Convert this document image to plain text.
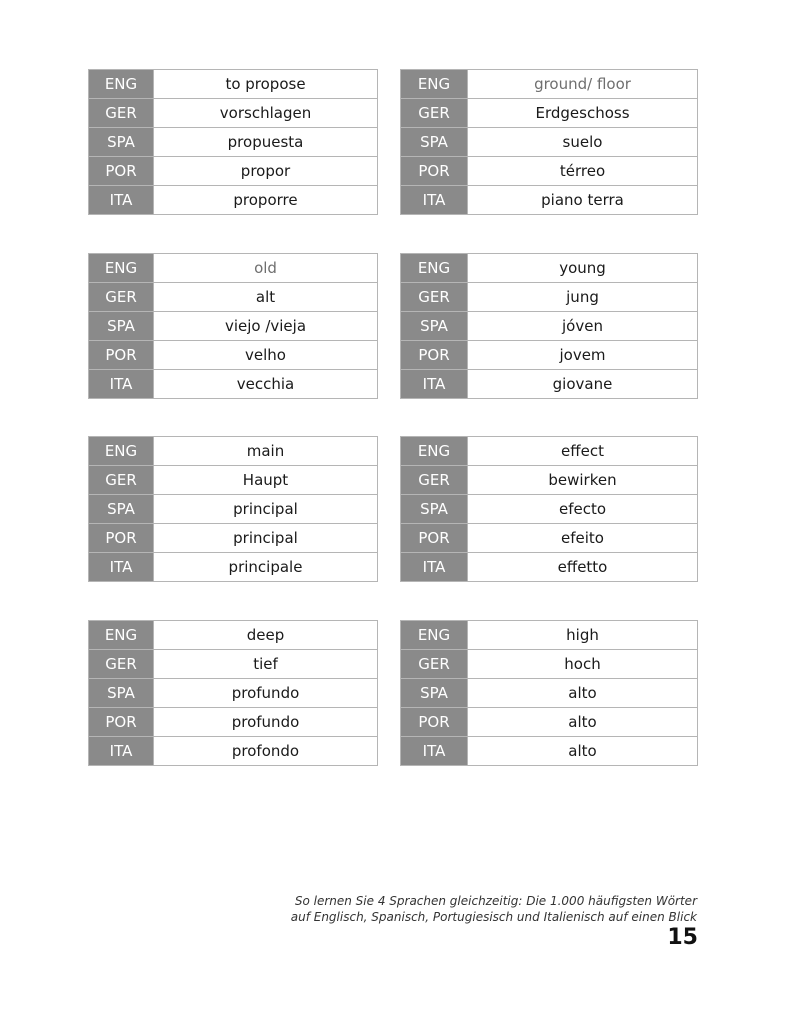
ENG	to propose
GER	vorschlagen
SPA	propuesta
POR	propor
ITA	proporre
ENG	old
GER	alt
SPA	viejo /vieja
POR	velho
ITA	vecchia
ENG	main
GER	Haupt
SPA	principal
POR	principal
ITA	principale
ENG	deep
GER	tief
SPA	profundo
POR	profundo
ITA	profondo
ENG	ground/ floor
GER	Erdgeschoss
SPA	suelo
POR	térreo
ITA	piano terra
ENG	young
GER	jung
SPA	jóven
POR	jovem
ITA	giovane
ENG	effect
GER	bewirken
SPA	efecto
POR	efeito
ITA	effetto
ENG	high
GER	hoch
SPA	alto
POR	alto
ITA	alto
So lernen Sie 4 Sprachen gleichzeitig: Die 1.000 häufigsten Wörter
auf Englisch, Spanisch, Portugiesisch und Italienisch auf einen Blick
15
